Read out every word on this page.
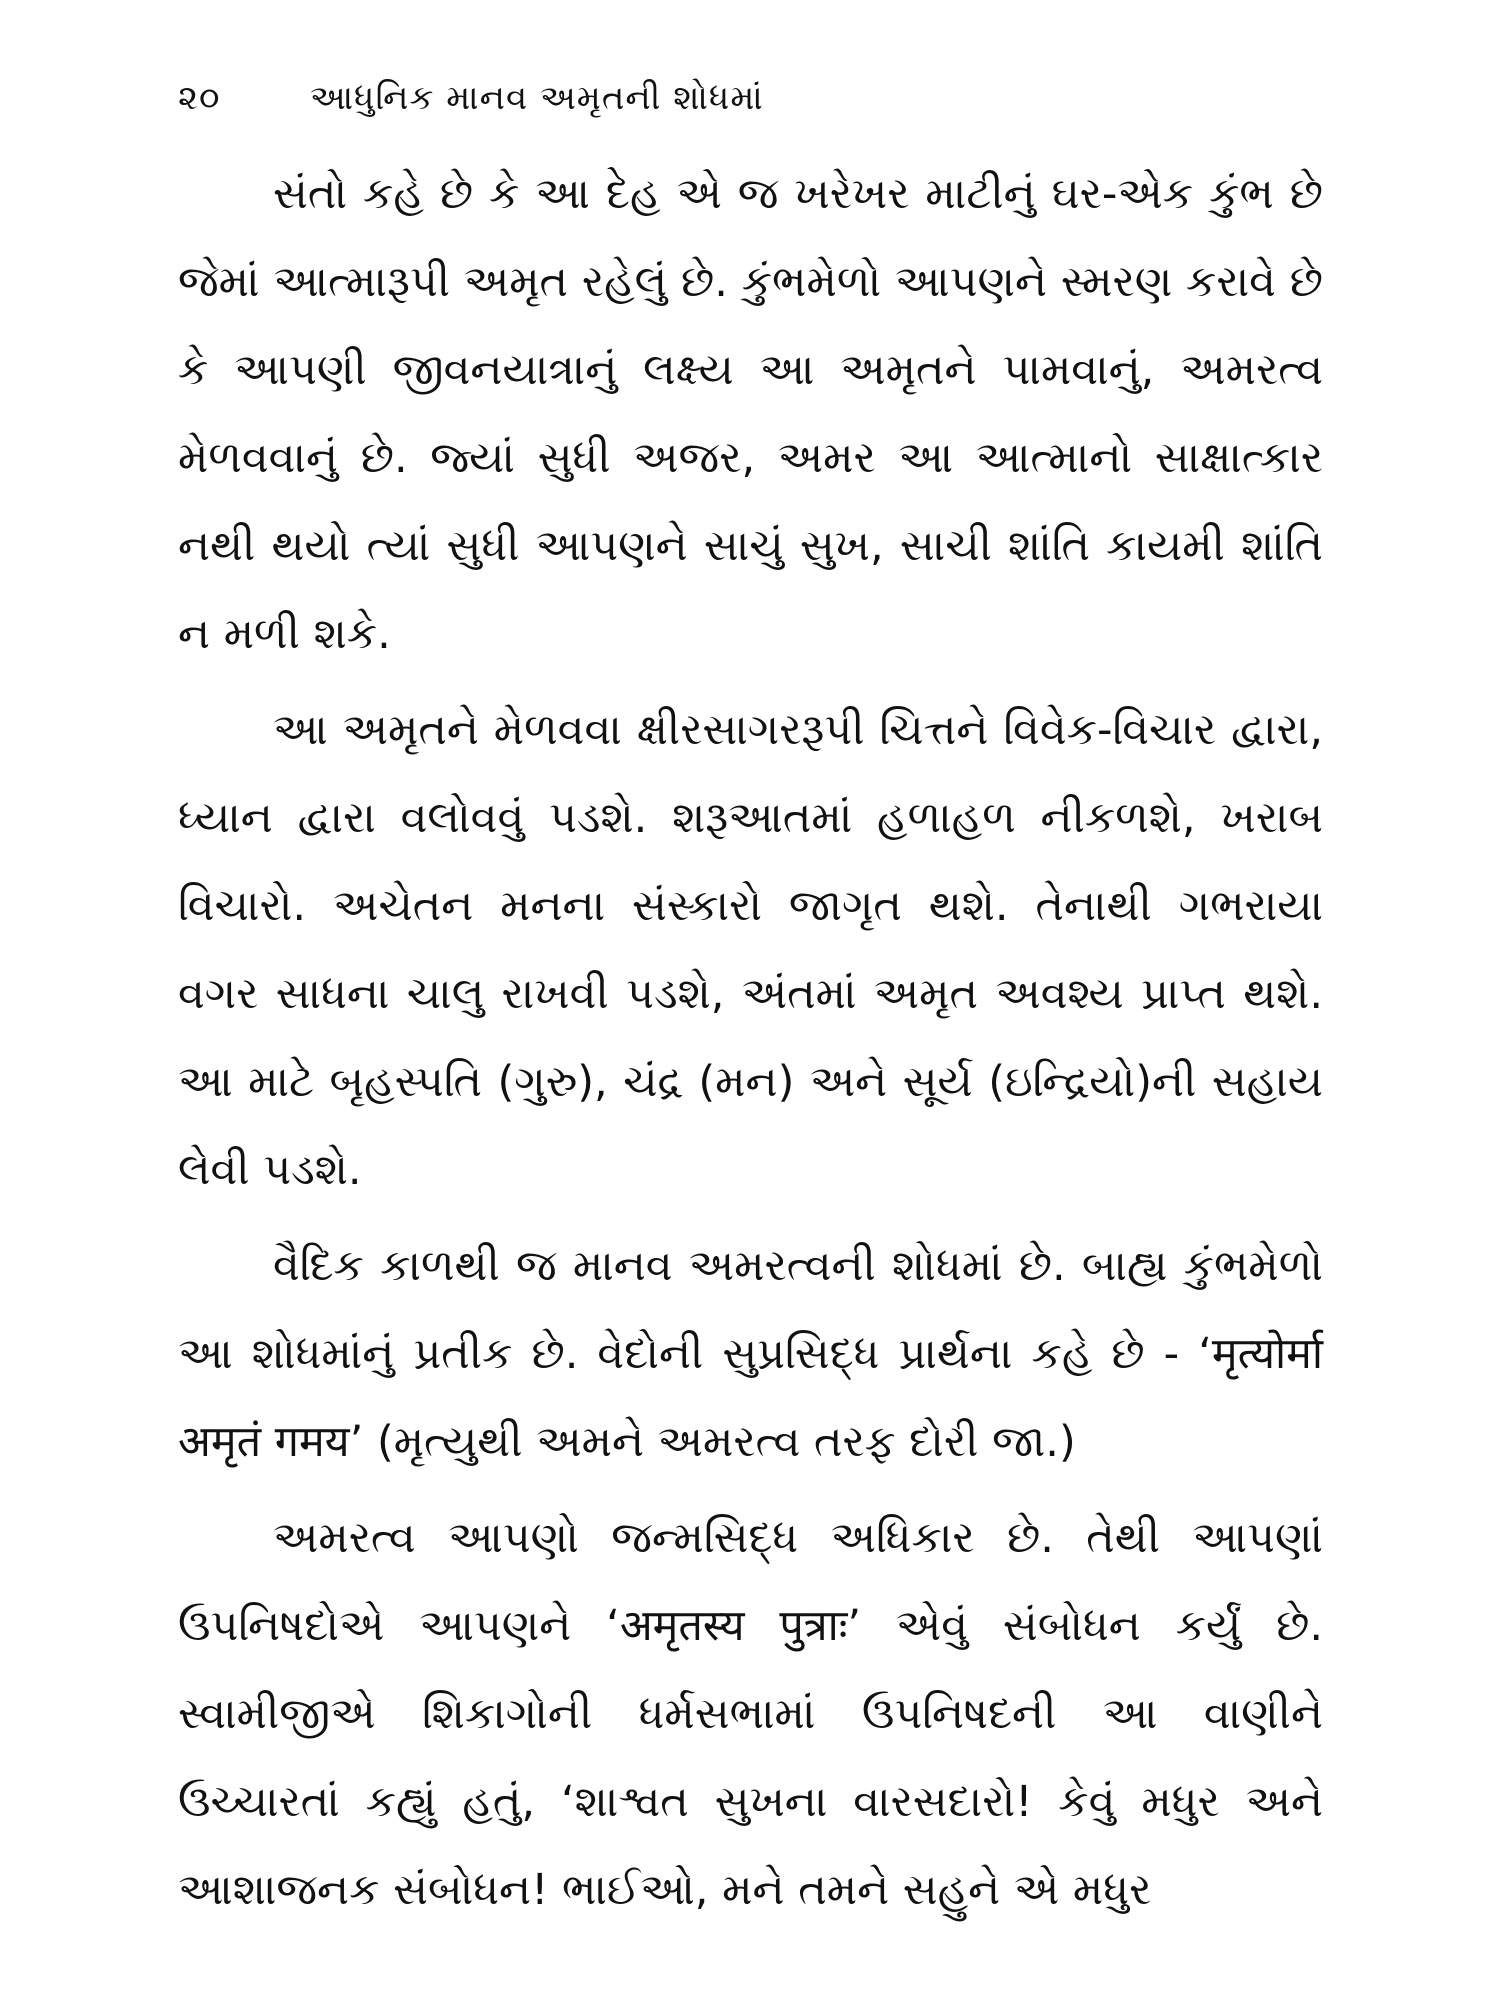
૨૦	આધુનિક માનવ અમૃતની શોધમાં

સંતો કહે છે કે આ દેહ એ જ ખરેખર માટીનું ઘર-એક કુંભ છે જેમાં આત્મારૂપી અમૃત રહેલું છે. કુંભમેળો આપણને સ્મરણ કરાવે છે કે આપણી જીવનયાત્રાનું લક્ષ્ય આ અમૃતને પામવાનું, અમરત્વ મેળવવાનું છે. જ્યાં સુધી અજર, અમર આ આત્માનો સાક્ષાત્કાર નથી થયો ત્યાં સુધી આપણને સાચું સુખ, સાચી શાંતિ કાયમી શાંતિ ન મળી શકે.

આ અમૃતને મેળવવા ક્ષીરસાગરરૂપી ચિત્તને વિવેક-વિચાર દ્વારા, ધ્યાન દ્વારા વલોવવું પડશે. શરૂઆતમાં હળાહળ નીકળશે, ખરાબ વિચારો. અચેતન મનના સંસ્કારો જાગૃત થશે. તેનાથી ગભરાયા વગર સાધના ચાલુ રાખવી પડશે, અંતમાં અમૃત અવશ્ય પ્રાપ્ત થશે. આ માટે બૃહસ્પતિ (ગુરુ), ચંદ્ર (મન) અને સૂર્ય (ઇન્દ્રિયો)ની સહાય લેવી પડશે.

વૈદિક કાળથી જ માનવ અમરત્વની શોધમાં છે. બાહ્ય કુંભમેળો આ શોધમાંનું પ્રતીક છે. વેદોની સુપ્રસિદ્ધ પ્રાર્થના કહે છે - ‘मृत्योर्मा अमृतं गमय’ (મૃત્યુથી અમને અમરત્વ તરફ દોરી જા.)

અમરત્વ આપણો જન્મસિદ્ધ અધિકાર છે. તેથી આપણાં ઉપનિષદોએ આપણને ‘अमृतस्य पुत्राः’ એવું સંબોધન કર્યું છે. સ્વામીજીએ શિકાગોની ધર્મસભામાં ઉપનિષદની આ વાણીને ઉચ્ચારતાં કહ્યું હતું, ‘શાશ્વત સુખના વારસદારો! કેવું મધુર અને આશાજનક સંબોધન! ભાઈઓ, મને તમને સહુને એ મધુર
